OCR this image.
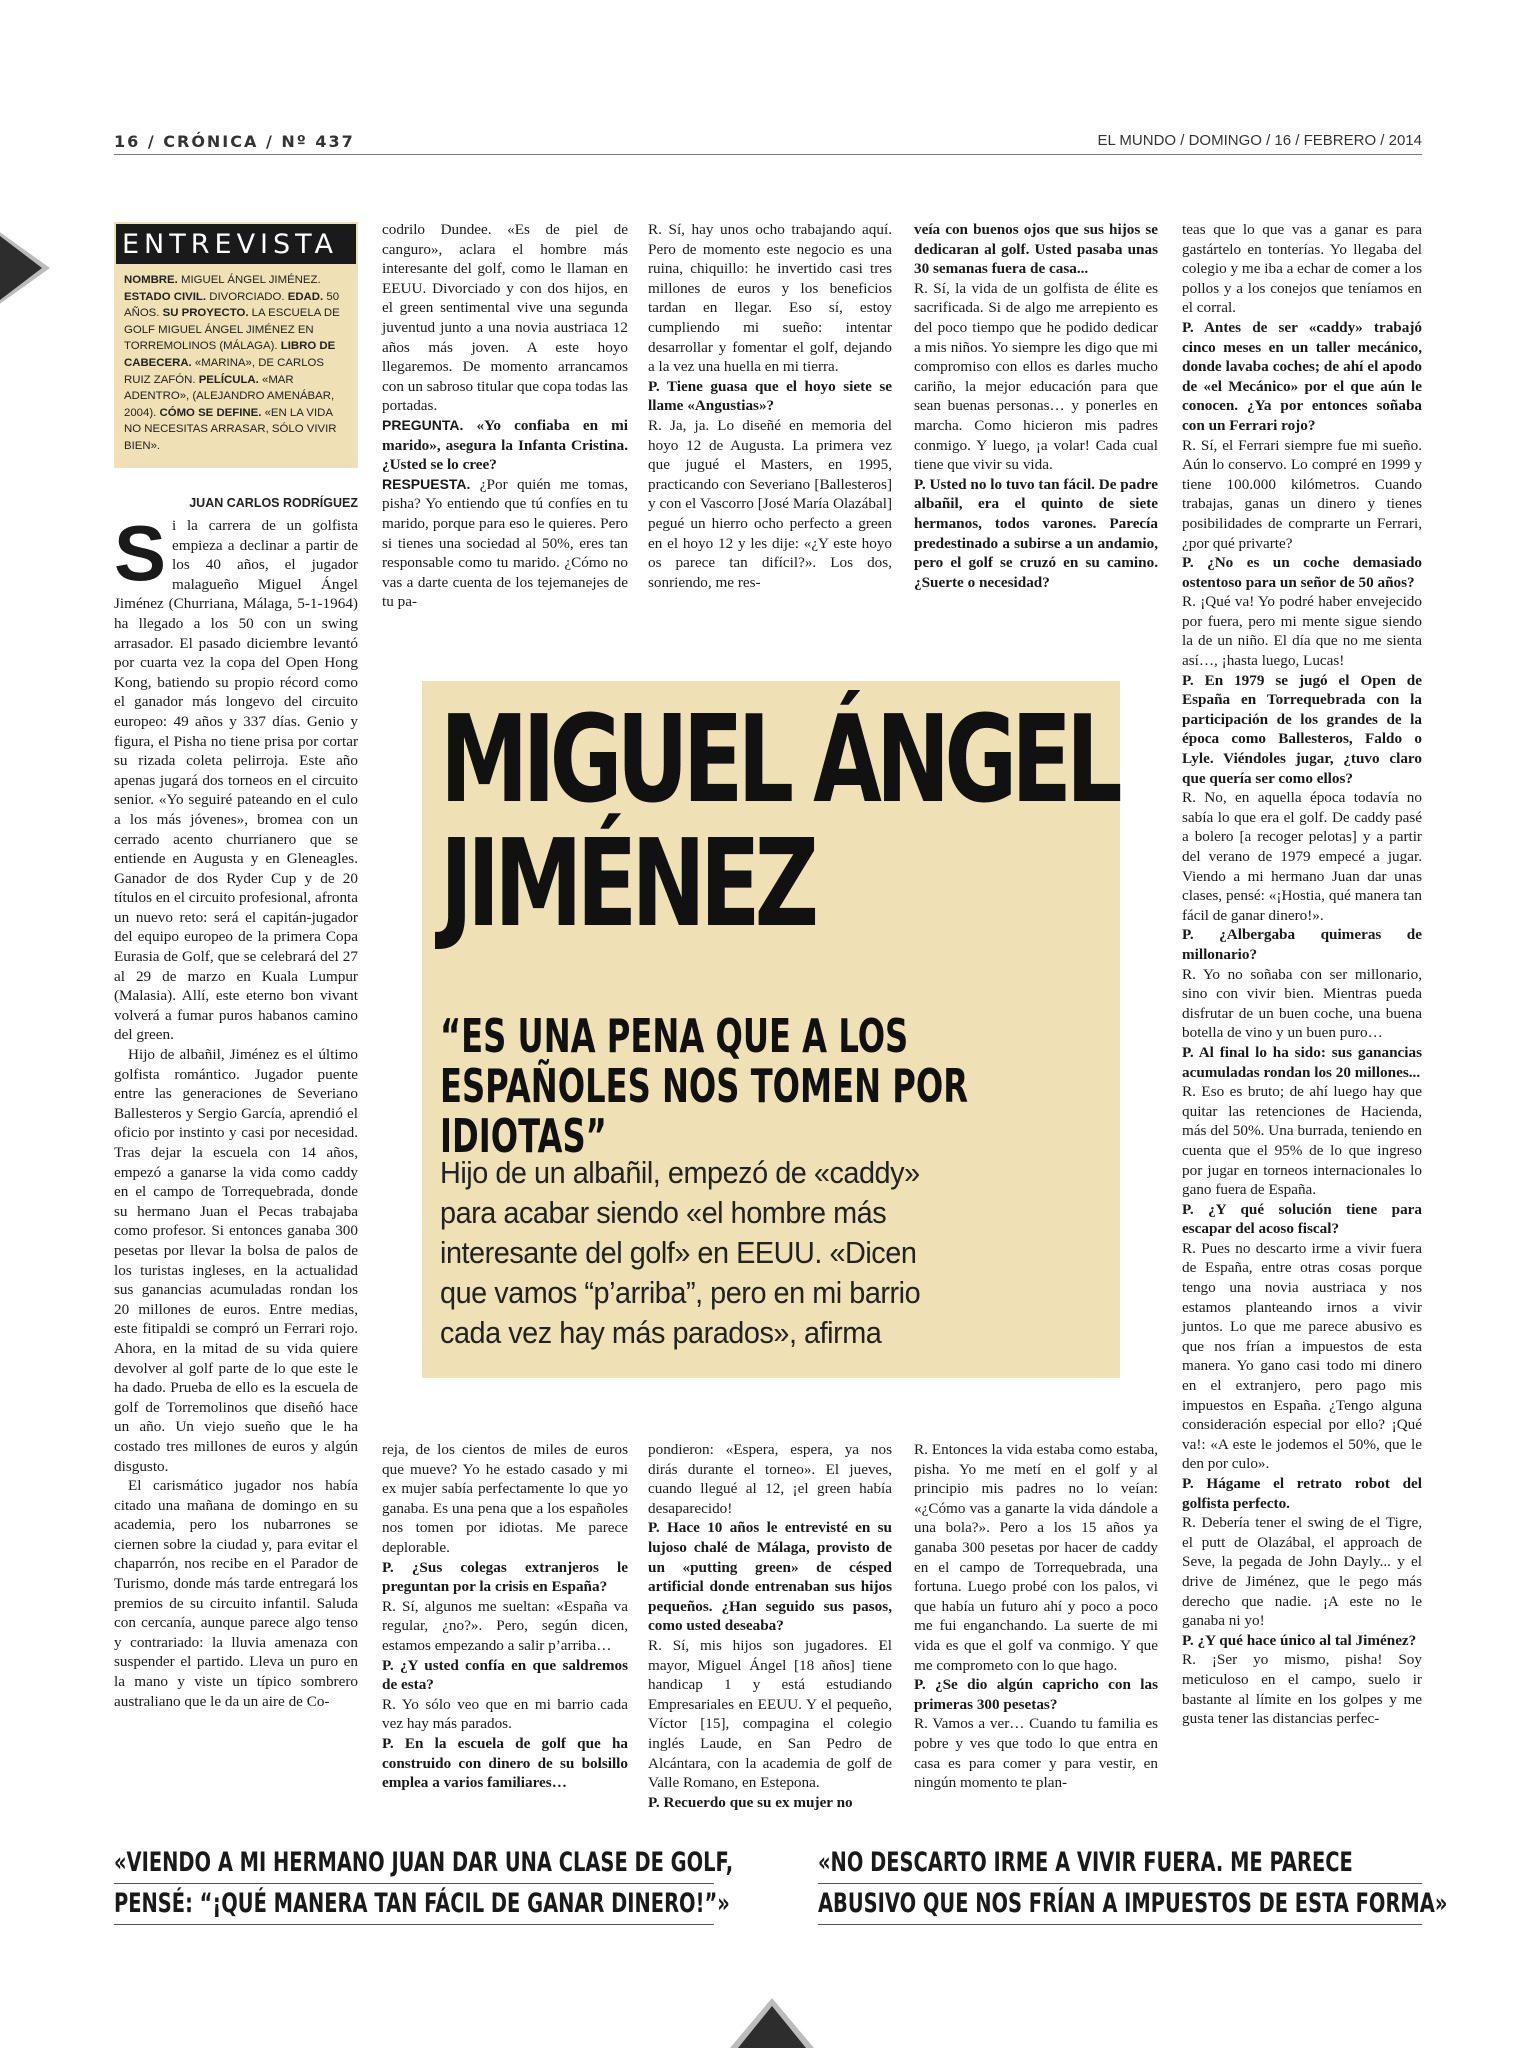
16 / CRÓNICA / Nº 437	EL MUNDO / DOMINGO / 16 / FEBRERO / 2014
ENTREVISTA
NOMBRE. MIGUEL ÁNGEL JIMÉNEZ. ESTADO CIVIL. DIVORCIADO. EDAD. 50 AÑOS. SU PROYECTO. LA ESCUELA DE GOLF MIGUEL ÁNGEL JIMÉNEZ EN TORREMOLINOS (MÁLAGA). LIBRO DE CABECERA. «MARINA», DE CARLOS RUIZ ZAFÓN. PELÍCULA. «MAR ADENTRO», (ALEJANDRO AMENÁBAR, 2004). CÓMO SE DEFINE. «EN LA VIDA NO NECESITAS ARRASAR, SÓLO VIVIR BIEN».
JUAN CARLOS RODRÍGUEZ

Si la carrera de un golfista empieza a declinar a partir de los 40 años, el jugador malagueño Miguel Ángel Jiménez (Churriana, Málaga, 5-1-1964) ha llegado a los 50 con un swing arrasador. El pasado diciembre levantó por cuarta vez la copa del Open Hong Kong, batiendo su propio récord como el ganador más longevo del circuito europeo: 49 años y 337 días. Genio y figura, el Pisha no tiene prisa por cortar su rizada coleta pelirroja. Este año apenas jugará dos torneos en el circuito senior. «Yo seguiré pateando en el culo a los más jóvenes», bromea con un cerrado acento churrianero que se entiende en Augusta y en Gleneagles. Ganador de dos Ryder Cup y de 20 títulos en el circuito profesional, afronta un nuevo reto: será el capitán-jugador del equipo europeo de la primera Copa Eurasia de Golf, que se celebrará del 27 al 29 de marzo en Kuala Lumpur (Malasia). Allí, este eterno bon vivant volverá a fumar puros habanos camino del green.

Hijo de albañil, Jiménez es el último golfista romántico. Jugador puente entre las generaciones de Severiano Ballesteros y Sergio García, aprendió el oficio por instinto y casi por necesidad. Tras dejar la escuela con 14 años, empezó a ganarse la vida como caddy en el campo de Torrequebrada, donde su hermano Juan el Pecas trabajaba como profesor. Si entonces ganaba 300 pesetas por llevar la bolsa de palos de los turistas ingleses, en la actualidad sus ganancias acumuladas rondan los 20 millones de euros. Entre medias, este fitipaldi se compró un Ferrari rojo. Ahora, en la mitad de su vida quiere devolver al golf parte de lo que este le ha dado. Prueba de ello es la escuela de golf de Torremolinos que diseñó hace un año. Un viejo sueño que le ha costado tres millones de euros y algún disgusto.

El carismático jugador nos había citado una mañana de domingo en su academia, pero los nubarrones se ciernen sobre la ciudad y, para evitar el chaparrón, nos recibe en el Parador de Turismo, donde más tarde entregará los premios de su circuito infantil. Saluda con cercanía, aunque parece algo tenso y contrariado: la lluvia amenaza con suspender el partido. Lleva un puro en la mano y viste un típico sombrero australiano que le da un aire de Co-

codrilo Dundee. «Es de piel de canguro», aclara el hombre más interesante del golf, como le llaman en EEUU. Divorciado y con dos hijos, en el green sentimental vive una segunda juventud junto a una novia austriaca 12 años más joven. A este hoyo llegaremos. De momento arrancamos con un sabroso titular que copa todas las portadas.

PREGUNTA. «Yo confiaba en mi marido», asegura la Infanta Cristina. ¿Usted se lo cree?

RESPUESTA. ¿Por quién me tomas, pisha? Yo entiendo que tú confíes en tu marido, porque para eso le quieres. Pero si tienes una sociedad al 50%, eres tan responsable como tu marido. ¿Cómo no vas a darte cuenta de los tejemanejes de tu pa-

R. Sí, hay unos ocho trabajando aquí. Pero de momento este negocio es una ruina, chiquillo: he invertido casi tres millones de euros y los beneficios tardan en llegar. Eso sí, estoy cumpliendo mi sueño: intentar desarrollar y fomentar el golf, dejando a la vez una huella en mi tierra.

P. Tiene guasa que el hoyo siete se llame «Angustias»?

R. Ja, ja. Lo diseñé en memoria del hoyo 12 de Augusta. La primera vez que jugué el Masters, en 1995, practicando con Severiano [Ballesteros] y con el Vascorro [José María Olazábal] pegué un hierro ocho perfecto a green en el hoyo 12 y les dije: «¿Y este hoyo os parece tan difícil?». Los dos, sonriendo, me res-

veía con buenos ojos que sus hijos se dedicaran al golf. Usted pasaba unas 30 semanas fuera de casa...

R. Sí, la vida de un golfista de élite es sacrificada. Si de algo me arrepiento es del poco tiempo que he podido dedicar a mis niños. Yo siempre les digo que mi compromiso con ellos es darles mucho cariño, la mejor educación para que sean buenas personas… y ponerles en marcha. Como hicieron mis padres conmigo. Y luego, ¡a volar! Cada cual tiene que vivir su vida.

P. Usted no lo tuvo tan fácil. De padre albañil, era el quinto de siete hermanos, todos varones. Parecía predestinado a subirse a un andamio, pero el golf se cruzó en su camino. ¿Suerte o necesidad?

teas que lo que vas a ganar es para gastártelo en tonterías. Yo llegaba del colegio y me iba a echar de comer a los pollos y a los conejos que teníamos en el corral.

P. Antes de ser «caddy» trabajó cinco meses en un taller mecánico, donde lavaba coches; de ahí el apodo de «el Mecánico» por el que aún le conocen. ¿Ya por entonces soñaba con un Ferrari rojo?

R. Sí, el Ferrari siempre fue mi sueño. Aún lo conservo. Lo compré en 1999 y tiene 100.000 kilómetros. Cuando trabajas, ganas un dinero y tienes posibilidades de comprarte un Ferrari, ¿por qué privarte?

P. ¿No es un coche demasiado ostentoso para un señor de 50 años?

R. ¡Qué va! Yo podré haber envejecido por fuera, pero mi mente sigue siendo la de un niño. El día que no me sienta así…, ¡hasta luego, Lucas!

P. En 1979 se jugó el Open de España en Torrequebrada con la participación de los grandes de la época como Ballesteros, Faldo o Lyle. Viéndoles jugar, ¿tuvo claro que quería ser como ellos?

R. No, en aquella época todavía no sabía lo que era el golf. De caddy pasé a bolero [a recoger pelotas] y a partir del verano de 1979 empecé a jugar. Viendo a mi hermano Juan dar unas clases, pensé: «¡Hostia, qué manera tan fácil de ganar dinero!».

P. ¿Albergaba quimeras de millonario?

R. Yo no soñaba con ser millonario, sino con vivir bien. Mientras pueda disfrutar de un buen coche, una buena botella de vino y un buen puro…

P. Al final lo ha sido: sus ganancias acumuladas rondan los 20 millones...

R. Eso es bruto; de ahí luego hay que quitar las retenciones de Hacienda, más del 50%. Una burrada, teniendo en cuenta que el 95% de lo que ingreso por jugar en torneos internacionales lo gano fuera de España.

P. ¿Y qué solución tiene para escapar del acoso fiscal?

R. Pues no descarto irme a vivir fuera de España, entre otras cosas porque tengo una novia austriaca y nos estamos planteando irnos a vivir juntos. Lo que me parece abusivo es que nos frían a impuestos de esta manera. Yo gano casi todo mi dinero en el extranjero, pero pago mis impuestos en España. ¿Tengo alguna consideración especial por ello? ¡Qué va!: «A este le jodemos el 50%, que le den por culo».

P. Hágame el retrato robot del golfista perfecto.

R. Debería tener el swing de el Tigre, el putt de Olazábal, el approach de Seve, la pegada de John Dayly... y el drive de Jiménez, que le pego más derecho que nadie. ¡A este no le ganaba ni yo!

P. ¿Y qué hace único al tal Jiménez?

R. ¡Ser yo mismo, pisha! Soy meticuloso en el campo, suelo ir bastante al límite en los golpes y me gusta tener las distancias perfec-

MIGUEL ÁNGEL
JIMÉNEZ
“ES UNA PENA QUE A LOS ESPAÑOLES NOS TOMEN POR IDIOTAS”
Hijo de un albañil, empezó de «caddy» para acabar siendo «el hombre más interesante del golf» en EEUU. «Dicen que vamos “p’arriba”, pero en mi barrio cada vez hay más parados», afirma

reja, de los cientos de miles de euros que mueve? Yo he estado casado y mi ex mujer sabía perfectamente lo que yo ganaba. Es una pena que a los españoles nos tomen por idiotas. Me parece deplorable.

P. ¿Sus colegas extranjeros le preguntan por la crisis en España?

R. Sí, algunos me sueltan: «España va regular, ¿no?». Pero, según dicen, estamos empezando a salir p’arriba…

P. ¿Y usted confía en que saldremos de esta?

R. Yo sólo veo que en mi barrio cada vez hay más parados.

P. En la escuela de golf que ha construido con dinero de su bolsillo emplea a varios familiares…

pondieron: «Espera, espera, ya nos dirás durante el torneo». El jueves, cuando llegué al 12, ¡el green había desaparecido!

P. Hace 10 años le entrevisté en su lujoso chalé de Málaga, provisto de un «putting green» de césped artificial donde entrenaban sus hijos pequeños. ¿Han seguido sus pasos, como usted deseaba?

R. Sí, mis hijos son jugadores. El mayor, Miguel Ángel [18 años] tiene handicap 1 y está estudiando Empresariales en EEUU. Y el pequeño, Víctor [15], compagina el colegio inglés Laude, en San Pedro de Alcántara, con la academia de golf de Valle Romano, en Estepona.

P. Recuerdo que su ex mujer no

R. Entonces la vida estaba como estaba, pisha. Yo me metí en el golf y al principio mis padres no lo veían: «¿Cómo vas a ganarte la vida dándole a una bola?». Pero a los 15 años ya ganaba 300 pesetas por hacer de caddy en el campo de Torrequebrada, una fortuna. Luego probé con los palos, vi que había un futuro ahí y poco a poco me fui enganchando. La suerte de mi vida es que el golf va conmigo. Y que me comprometo con lo que hago.

P. ¿Se dio algún capricho con las primeras 300 pesetas?

R. Vamos a ver… Cuando tu familia es pobre y ves que todo lo que entra en casa es para comer y para vestir, en ningún momento te plan-

«VIENDO A MI HERMANO JUAN DAR UNA CLASE DE GOLF,
PENSÉ: “¡QUÉ MANERA TAN FÁCIL DE GANAR DINERO!”»
«NO DESCARTO IRME A VIVIR FUERA. ME PARECE
ABUSIVO QUE NOS FRÍAN A IMPUESTOS DE ESTA FORMA»
